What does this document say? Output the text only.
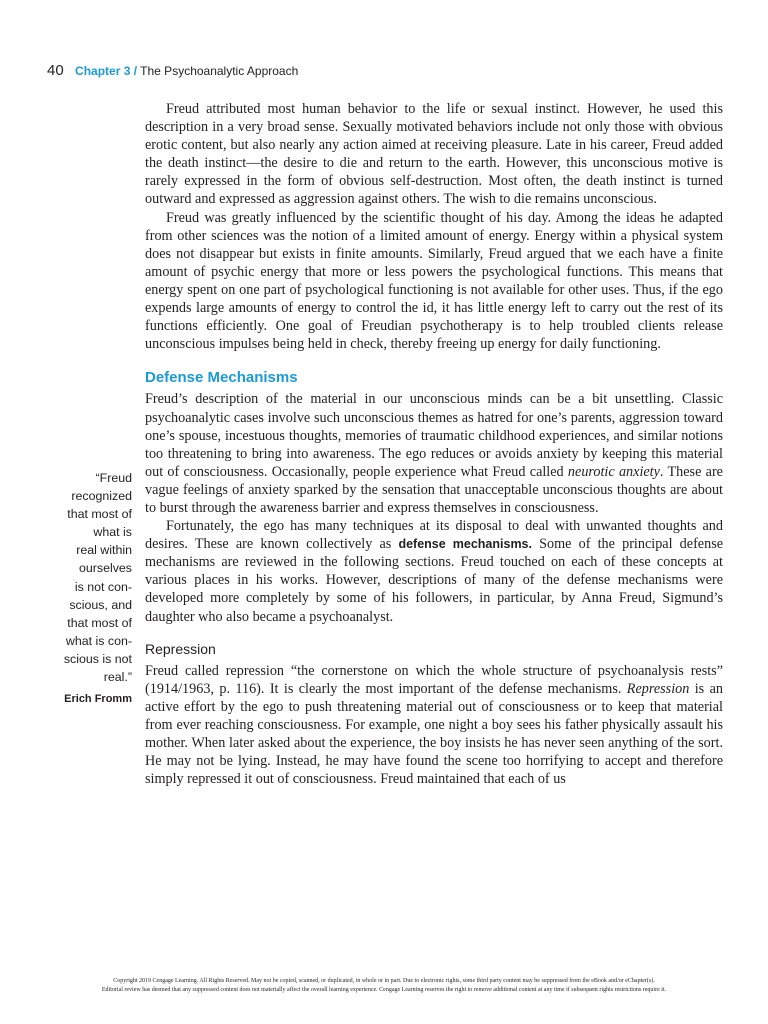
40 Chapter 3 / The Psychoanalytic Approach

Freud attributed most human behavior to the life or sexual instinct. However, he used this description in a very broad sense. Sexually motivated behaviors include not only those with obvious erotic content, but also nearly any action aimed at receiving pleasure. Late in his career, Freud added the death instinct—the desire to die and return to the earth. However, this unconscious motive is rarely expressed in the form of obvious self-destruction. Most often, the death instinct is turned outward and expressed as aggression against others. The wish to die remains unconscious.

Freud was greatly influenced by the scientific thought of his day. Among the ideas he adapted from other sciences was the notion of a limited amount of energy. Energy within a physical system does not disappear but exists in finite amounts. Similarly, Freud argued that we each have a finite amount of psychic energy that more or less powers the psychological functions. This means that energy spent on one part of psychological functioning is not available for other uses. Thus, if the ego expends large amounts of energy to control the id, it has little energy left to carry out the rest of its functions efficiently. One goal of Freudian psychotherapy is to help troubled clients release unconscious impulses being held in check, thereby freeing up energy for daily functioning.

Defense Mechanisms

Freud’s description of the material in our unconscious minds can be a bit unsettling. Classic psychoanalytic cases involve such unconscious themes as hatred for one’s parents, aggression toward one’s spouse, incestuous thoughts, memories of traumatic childhood experiences, and similar notions too threatening to bring into awareness. The ego reduces or avoids anxiety by keeping this material out of consciousness. Occasionally, people experience what Freud called neurotic anxiety. These are vague feelings of anxiety sparked by the sensation that unacceptable unconscious thoughts are about to burst through the awareness barrier and express themselves in consciousness.

Fortunately, the ego has many techniques at its disposal to deal with unwanted thoughts and desires. These are known collectively as defense mechanisms. Some of the principal defense mechanisms are reviewed in the following sections. Freud touched on each of these concepts at various places in his works. However, descriptions of many of the defense mechanisms were developed more completely by some of his followers, in particular, by Anna Freud, Sigmund’s daughter who also became a psychoanalyst.

Repression

Freud called repression “the cornerstone on which the whole structure of psychoanalysis rests” (1914/1963, p. 116). It is clearly the most important of the defense mechanisms. Repression is an active effort by the ego to push threatening material out of consciousness or to keep that material from ever reaching consciousness. For example, one night a boy sees his father physically assault his mother. When later asked about the experience, the boy insists he has never seen anything of the sort. He may not be lying. Instead, he may have found the scene too horrifying to accept and therefore simply repressed it out of consciousness. Freud maintained that each of us

“Freud
recognized
that most of
what is
real within
ourselves
is not con-
scious, and
that most of
what is con-
scious is not
real.”
Erich Fromm
Copyright 2019 Cengage Learning. All Rights Reserved. May not be copied, scanned, or duplicated, in whole or in part. Due to electronic rights, some third party content may be suppressed from the eBook and/or eChapter(s).
Editorial review has deemed that any suppressed content does not materially affect the overall learning experience. Cengage Learning reserves the right to remove additional content at any time if subsequent rights restrictions require it.
